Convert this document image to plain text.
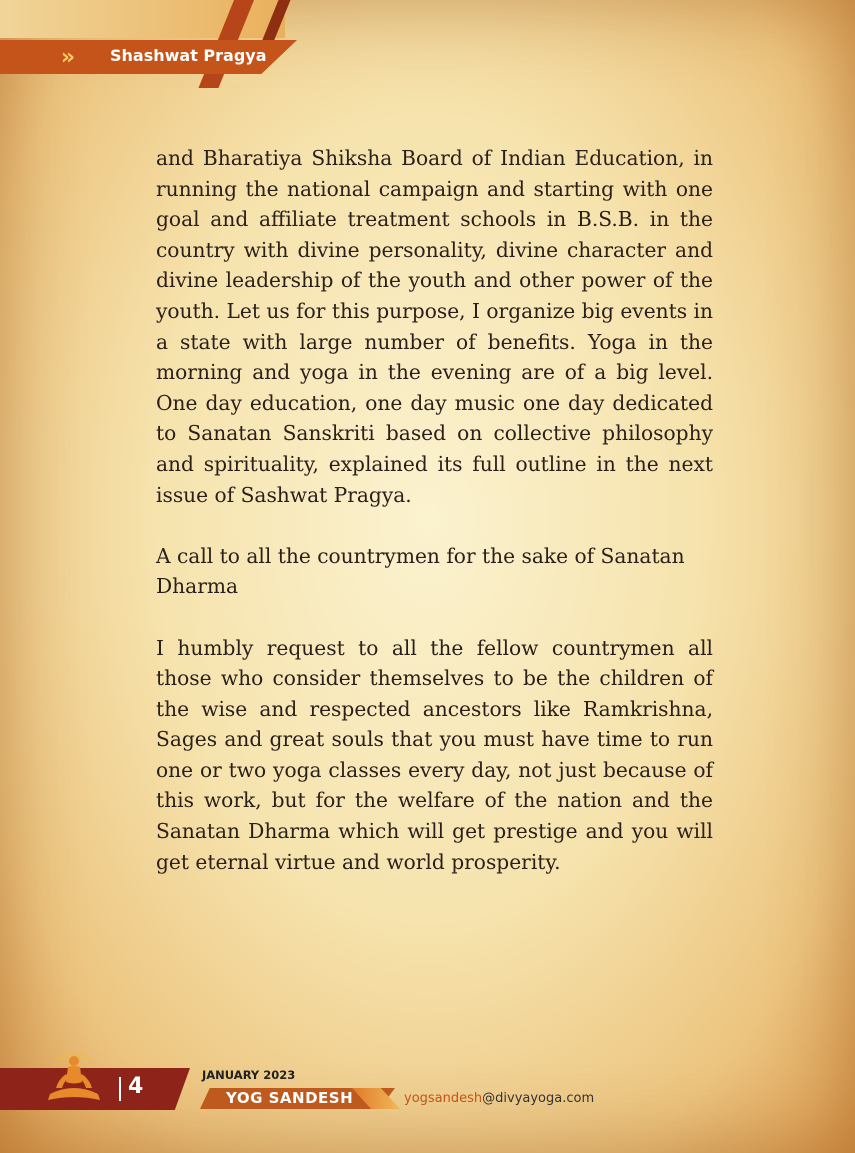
»	Shashwat Pragya

and Bharatiya Shiksha Board of Indian Education, in running the national campaign and starting with one goal and affiliate treatment schools in B.S.B. in the country with divine personality, divine character and divine leadership of the youth and other power of the youth. Let us for this purpose, I organize big events in a state with large number of benefits. Yoga in the morning and yoga in the evening are of a big level. One day education, one day music one day dedicated to Sanatan Sanskriti based on collective philosophy and spirituality, explained its full outline in the next issue of Sashwat Pragya.

A call to all the countrymen for the sake of Sanatan Dharma

I humbly request to all the fellow countrymen all those who consider themselves to be the children of the wise and respected ancestors like Ramkrishna, Sages and great souls that you must have time to run one or two yoga classes every day, not just because of this work, but for the welfare of the nation and the Sanatan Dharma which will get prestige and you will get eternal virtue and world prosperity.

4	JANUARY 2023
YOG SANDESH	yogsandesh@divyayoga.com
